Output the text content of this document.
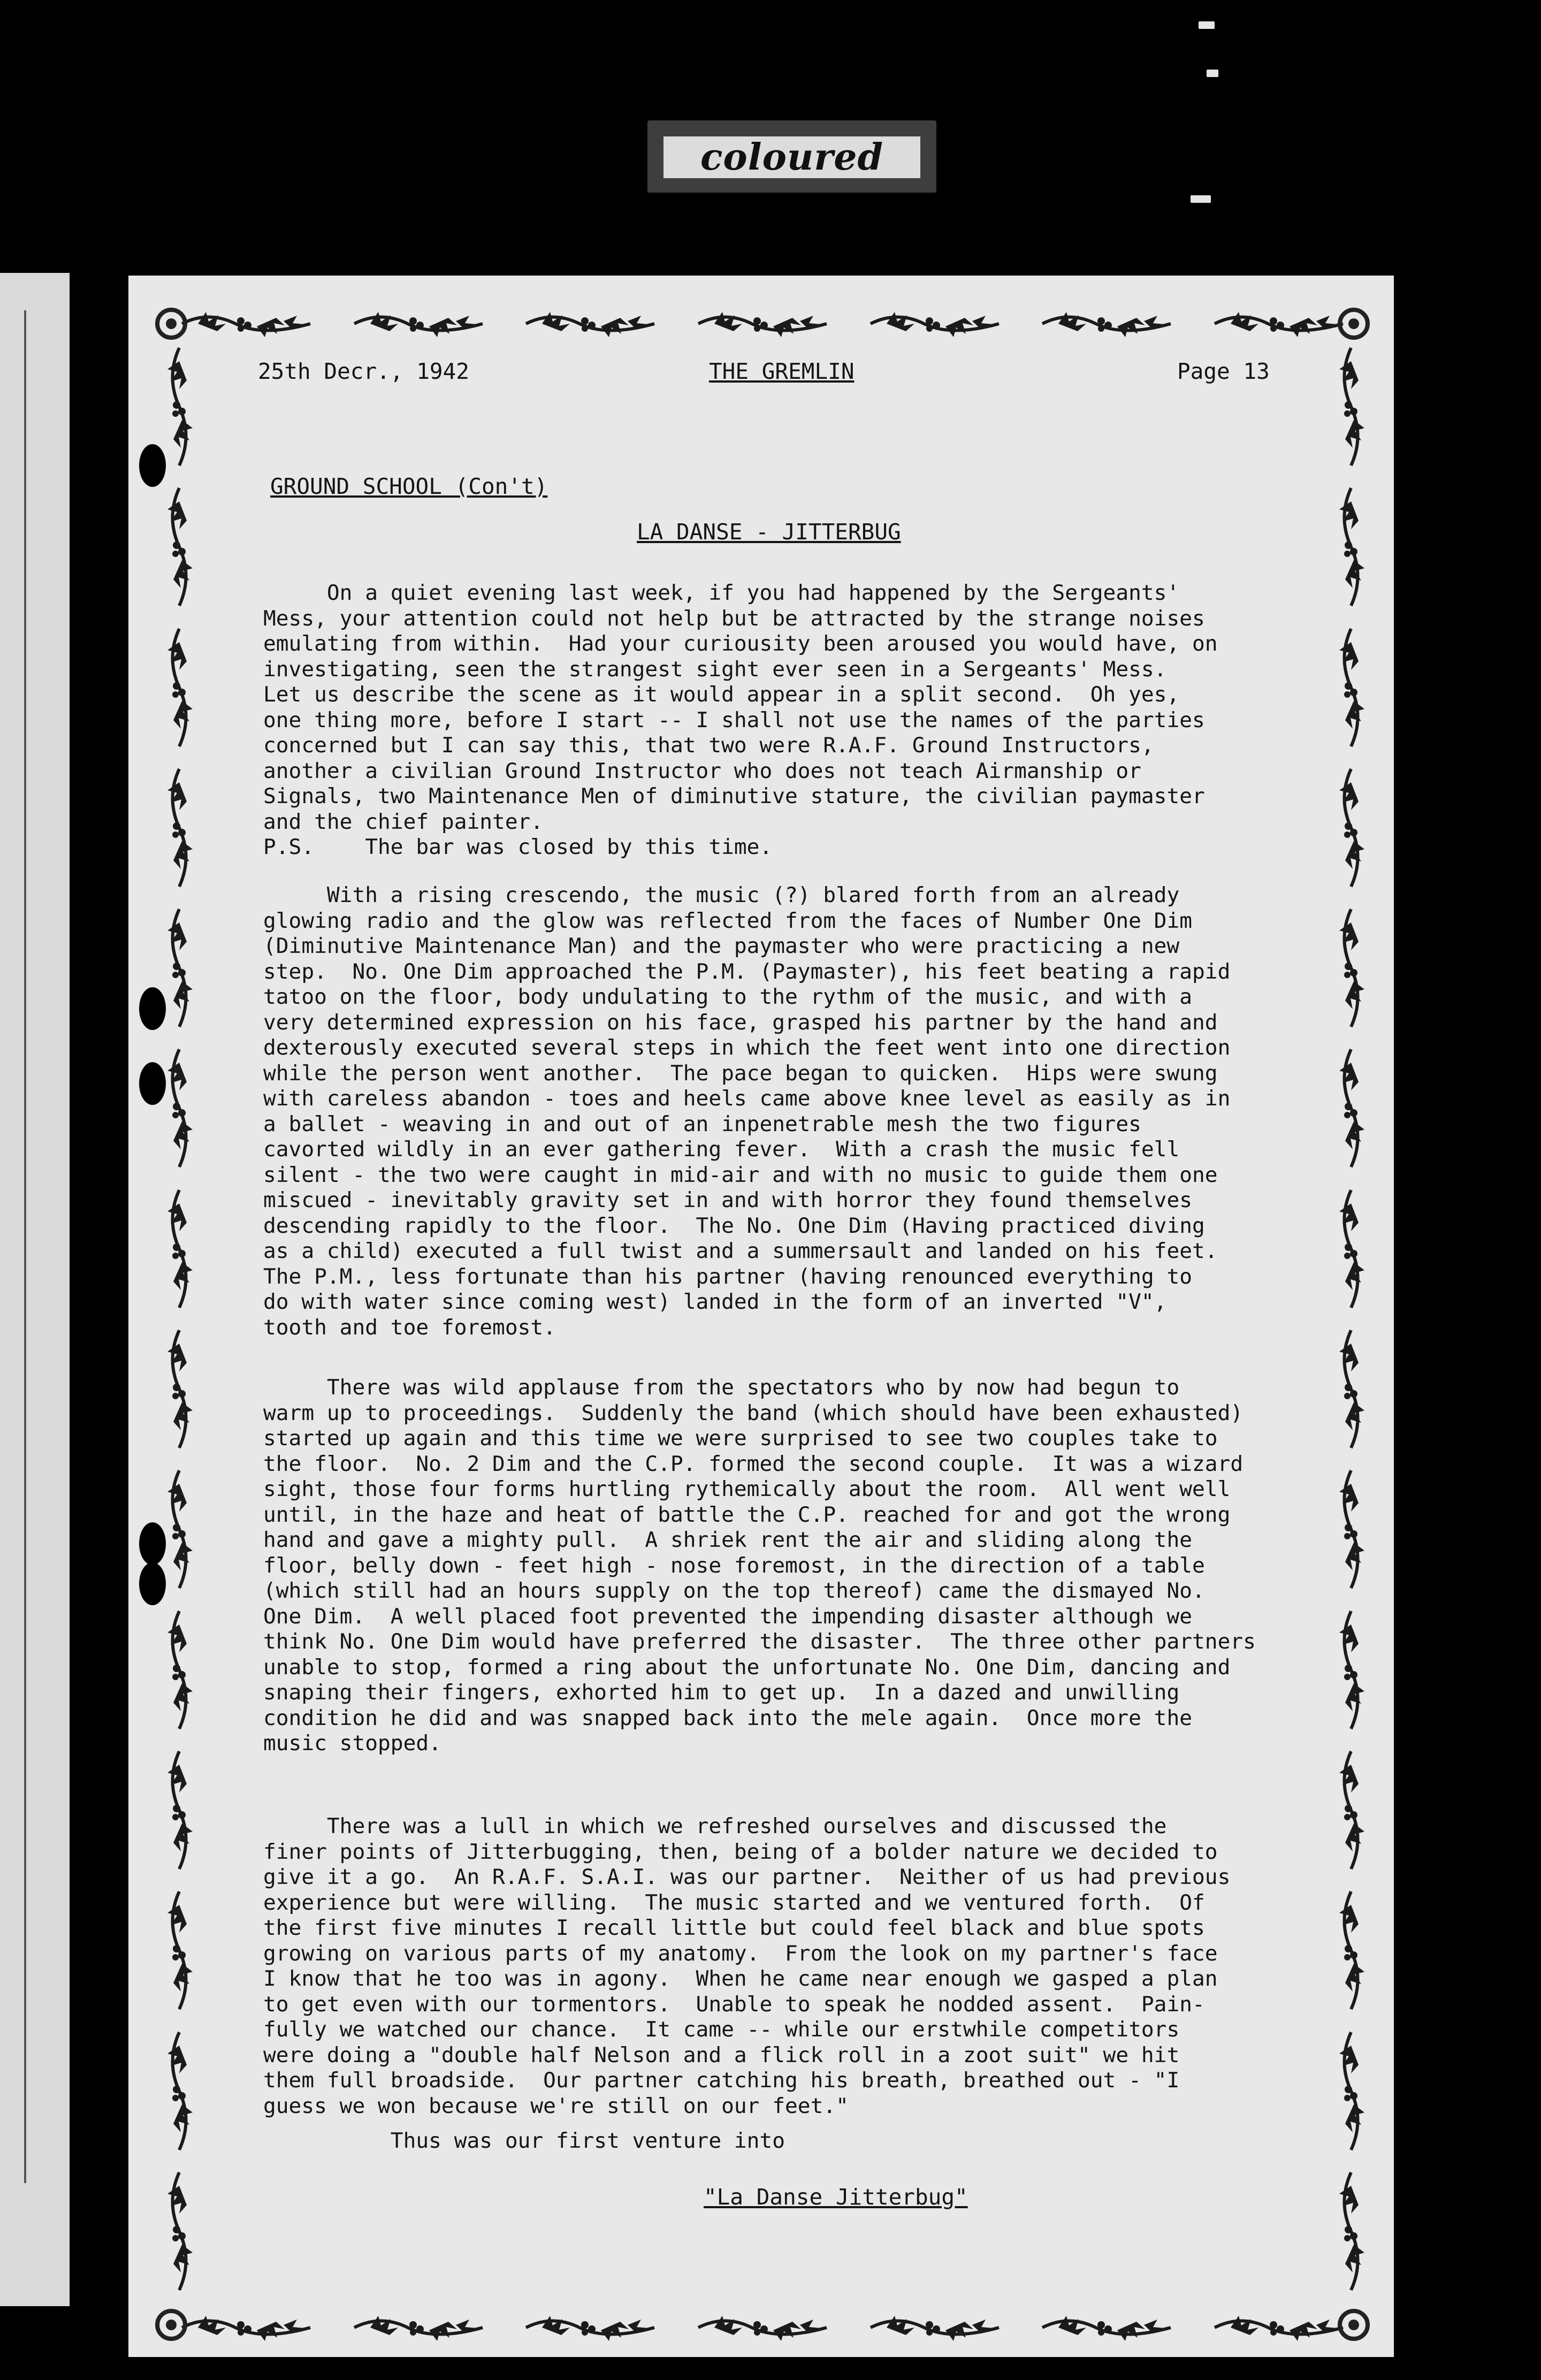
coloured
25th Decr., 1942	THE GREMLIN	Page 13
GROUND SCHOOL (Con't)
LA DANSE - JITTERBUG

On a quiet evening last week, if you had happened by the Sergeants'

Mess, your attention could not help but be attracted by the strange noises

emulating from within.  Had your curiousity been aroused you would have, on

investigating, seen the strangest sight ever seen in a Sergeants' Mess.

Let us describe the scene as it would appear in a split second.  Oh yes,

one thing more, before I start -- I shall not use the names of the parties

concerned but I can say this, that two were R.A.F. Ground Instructors,

another a civilian Ground Instructor who does not teach Airmanship or

Signals, two Maintenance Men of diminutive stature, the civilian paymaster

and the chief painter.

P.S.    The bar was closed by this time.

With a rising crescendo, the music (?) blared forth from an already

glowing radio and the glow was reflected from the faces of Number One Dim

(Diminutive Maintenance Man) and the paymaster who were practicing a new

step.  No. One Dim approached the P.M. (Paymaster), his feet beating a rapid

tatoo on the floor, body undulating to the rythm of the music, and with a

very determined expression on his face, grasped his partner by the hand and

dexterously executed several steps in which the feet went into one direction

while the person went another.  The pace began to quicken.  Hips were swung

with careless abandon - toes and heels came above knee level as easily as in

a ballet - weaving in and out of an inpenetrable mesh the two figures

cavorted wildly in an ever gathering fever.  With a crash the music fell

silent - the two were caught in mid-air and with no music to guide them one

miscued - inevitably gravity set in and with horror they found themselves

descending rapidly to the floor.  The No. One Dim (Having practiced diving

as a child) executed a full twist and a summersault and landed on his feet.

The P.M., less fortunate than his partner (having renounced everything to

do with water since coming west) landed in the form of an inverted "V",

tooth and toe foremost.

There was wild applause from the spectators who by now had begun to

warm up to proceedings.  Suddenly the band (which should have been exhausted)

started up again and this time we were surprised to see two couples take to

the floor.  No. 2 Dim and the C.P. formed the second couple.  It was a wizard

sight, those four forms hurtling rythemically about the room.  All went well

until, in the haze and heat of battle the C.P. reached for and got the wrong

hand and gave a mighty pull.  A shriek rent the air and sliding along the

floor, belly down - feet high - nose foremost, in the direction of a table

(which still had an hours supply on the top thereof) came the dismayed No.

One Dim.  A well placed foot prevented the impending disaster although we

think No. One Dim would have preferred the disaster.  The three other partners

unable to stop, formed a ring about the unfortunate No. One Dim, dancing and

snaping their fingers, exhorted him to get up.  In a dazed and unwilling

condition he did and was snapped back into the mele again.  Once more the

music stopped.

There was a lull in which we refreshed ourselves and discussed the

finer points of Jitterbugging, then, being of a bolder nature we decided to

give it a go.  An R.A.F. S.A.I. was our partner.  Neither of us had previous

experience but were willing.  The music started and we ventured forth.  Of

the first five minutes I recall little but could feel black and blue spots

growing on various parts of my anatomy.  From the look on my partner's face

I know that he too was in agony.  When he came near enough we gasped a plan

to get even with our tormentors.  Unable to speak he nodded assent.  Pain-

fully we watched our chance.  It came -- while our erstwhile competitors

were doing a "double half Nelson and a flick roll in a zoot suit" we hit

them full broadside.  Our partner catching his breath, breathed out - "I

guess we won because we're still on our feet."

Thus was our first venture into

"La Danse Jitterbug"
